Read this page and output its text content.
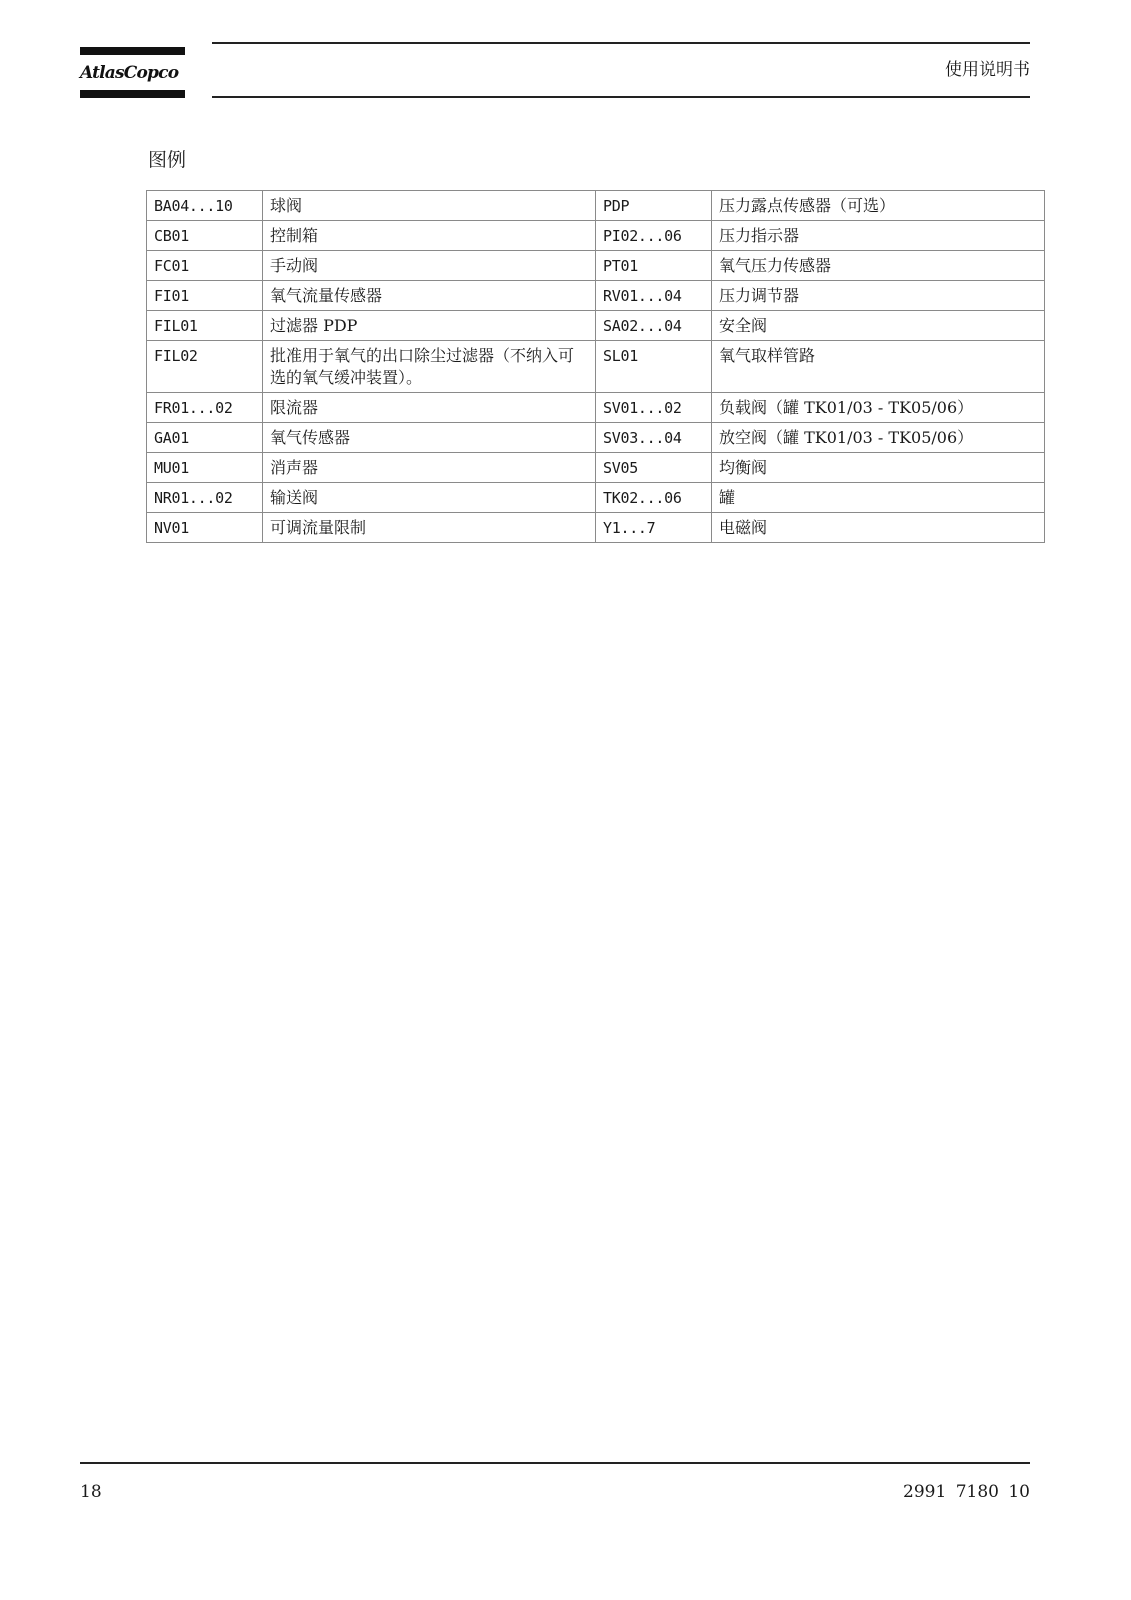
AtlasCopco	使用说明书
图例
BA04...10	球阀	PDP	压力露点传感器（可选）
CB01	控制箱	PI02...06	压力指示器
FC01	手动阀	PT01	氧气压力传感器
FI01	氧气流量传感器	RV01...04	压力调节器
FIL01	过滤器 PDP	SA02...04	安全阀
FIL02	批准用于氧气的出口除尘过滤器（不纳入可选的氧气缓冲装置）。	SL01	氧气取样管路
FR01...02	限流器	SV01...02	负载阀（罐 TK01/03 - TK05/06）
GA01	氧气传感器	SV03...04	放空阀（罐 TK01/03 - TK05/06）
MU01	消声器	SV05	均衡阀
NR01...02	输送阀	TK02...06	罐
NV01	可调流量限制	Y1...7	电磁阀
18	2991 7180 10
